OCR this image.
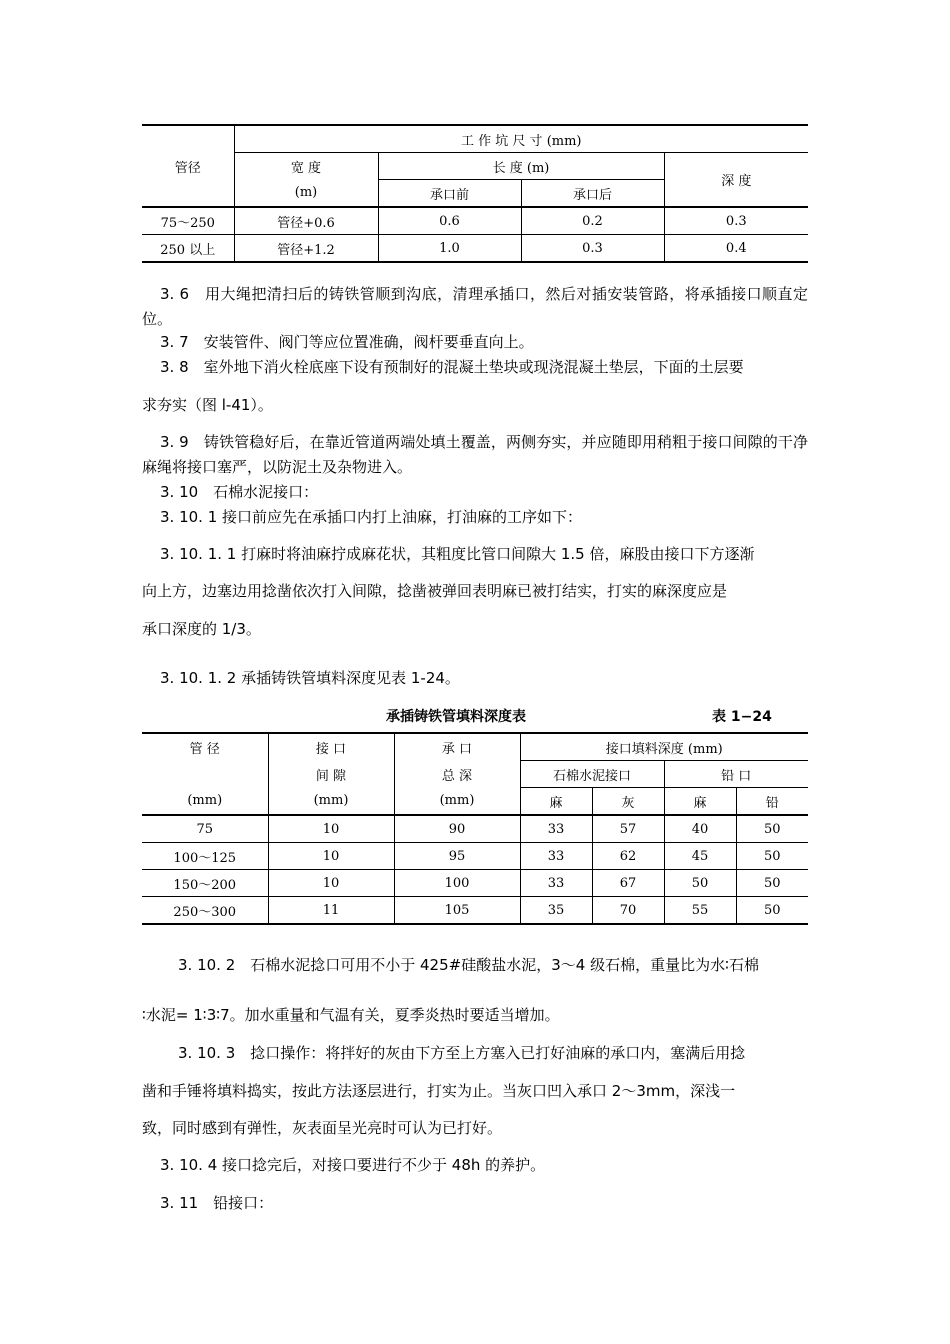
管径	工 作 坑 尺 寸 (mm)			
	宽 度	长 度 (m)		深 度
	(m)	承口前	承口后	
75～250	管径+0.6	0.6	0.2	0.3
250 以上	管径+1.2	1.0	0.3	0.4
3. 6　用大绳把清扫后的铸铁管顺到沟底，清理承插口，然后对插安装管路，将承插接口顺直定位。
3. 7　安装管件、阀门等应位置准确，阀杆要垂直向上。
3. 8　室外地下消火栓底座下设有预制好的混凝土垫块或现浇混凝土垫层，下面的土层要
求夯实（图 l-41）。
3. 9　铸铁管稳好后，在靠近管道两端处填土覆盖，两侧夯实，并应随即用稍粗于接口间隙的干净麻绳将接口塞严，以防泥土及杂物进入。
3. 10　石棉水泥接口：
3. 10. 1 接口前应先在承插口内打上油麻，打油麻的工序如下：
3. 10. 1. 1 打麻时将油麻拧成麻花状，其粗度比管口间隙大 1.5 倍，麻股由接口下方逐渐
向上方，边塞边用捻凿依次打入间隙，捻凿被弹回表明麻已被打结实，打实的麻深度应是
承口深度的 1/3。
3. 10. 1. 2 承插铸铁管填料深度见表 1-24。
承插铸铁管填料深度表	表 1−24
管 径	接 口	承 口	接口填料深度 (mm)			
	间 隙	总 深	石棉水泥接口		铅 口	
(mm)	(mm)	(mm)	麻	灰	麻	铅
75	10	90	33	57	40	50
100～125	10	95	33	62	45	50
150～200	10	100	33	67	50	50
250～300	11	105	35	70	55	50
3. 10. 2　石棉水泥捻口可用不小于 425#硅酸盐水泥，3～4 级石棉，重量比为水∶石棉
∶水泥= 1∶3∶7。加水重量和气温有关，夏季炎热时要适当增加。
3. 10. 3　捻口操作：将拌好的灰由下方至上方塞入已打好油麻的承口内，塞满后用捻
凿和手锤将填料捣实，按此方法逐层进行，打实为止。当灰口凹入承口 2～3mm，深浅一
致，同时感到有弹性，灰表面呈光亮时可认为已打好。
3. 10. 4 接口捻完后，对接口要进行不少于 48h 的养护。
3. 11　铅接口：
